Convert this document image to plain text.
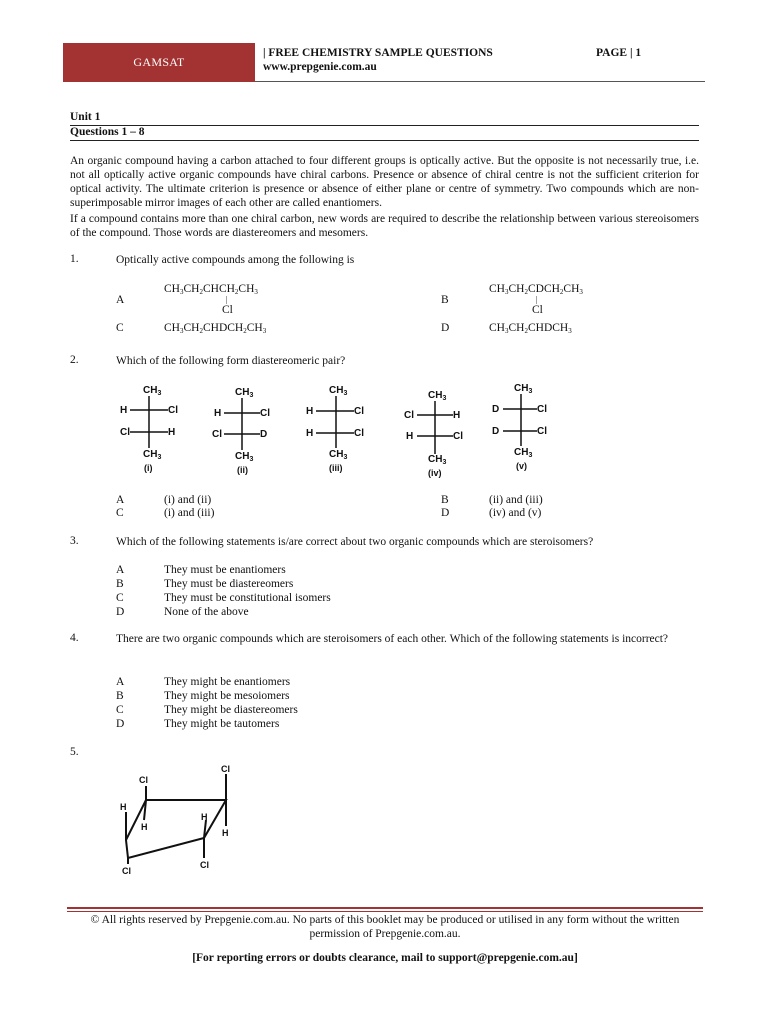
GAMSAT
| FREE CHEMISTRY SAMPLE QUESTIONS	PAGE | 1
www.prepgenie.com.au
Unit 1
Questions 1 – 8
An organic compound having a carbon attached to four different groups is optically active. But the opposite is not necessarily true, i.e. not all optically active organic compounds have chiral carbons. Presence or absence of chiral centre is not the sufficient criterion for optical activity. The ultimate criterion is presence or absence of either plane or centre of symmetry. Two compounds which are non- superimposable mirror images of each other are called enantiomers.
If a compound contains more than one chiral carbon, new words are required to describe the relationship between various stereoisomers of the compound. Those words are diastereomers and mesomers.
1.	Optically active compounds among the following is
A
$CH_3CH_2CHCH_2CH_3$
|
Cl
B
$CH_3CH_2CDCH_2CH_3$
|
Cl
C	$CH_3CH_2CHDCH_2CH_3$	D	$CH_3CH_2CHDCH_3$
2.	Which of the following form diastereomeric pair?
$CH_3$
H	Cl
Cl	H
$CH_3$
(i)
$CH_3$
H	Cl
Cl	D
$CH_3$
(ii)
$CH_3$
H	Cl
H	Cl
$CH_3$
(iii)
$CH_3$
Cl	H
H	Cl
$CH_3$
(iv)
$CH_3$
D	Cl
D	Cl
$CH_3$
(v)
A	(i) and (ii)	B	(ii) and (iii)
C	(i) and (iii)	D	(iv) and (v)
3.	Which of the following statements is/are correct about two organic compounds which are steroisomers?
A	They must be enantiomers
B	They must be diastereomers
C	They must be constitutional isomers
D	None of the above
4.	There are two organic compounds which are steroisomers of each other. Which of the following statements is incorrect?
A	They might be enantiomers
B	They might be mesoiomers
C	They might be diastereomers
D	They might be tautomers
5.
Cl
Cl
H
H
H
H
Cl
Cl
© All rights reserved by Prepgenie.com.au. No parts of this booklet may be produced or utilised in any form without the written permission of Prepgenie.com.au.
[For reporting errors or doubts clearance, mail to support@prepgenie.com.au]
